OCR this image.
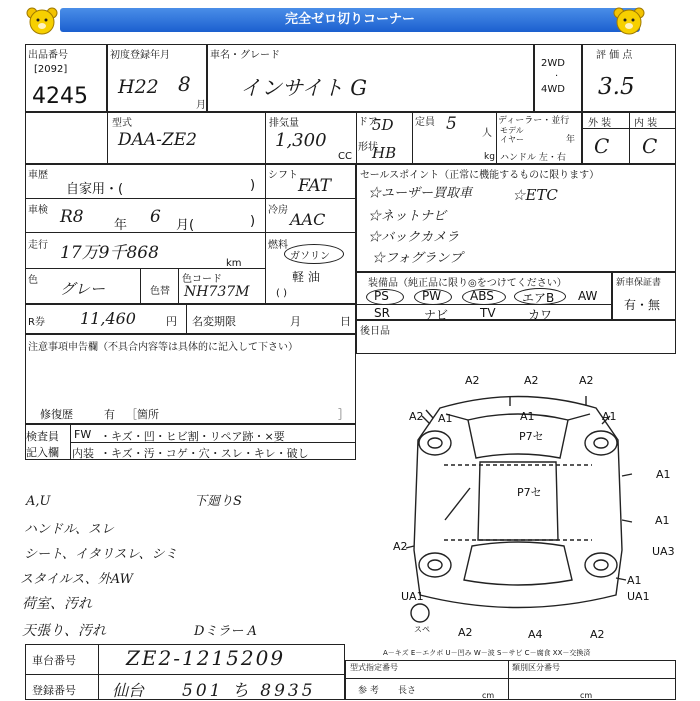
完全ゼロ切りコーナー
出品番号
[2092]
4245
初度登録年月
H22 8
月
車名・グレード
インサイト G
2WD
·
4WD
評 価 点
3.5
型式
DAA-ZE2
排気量
1,300
CC
ドア
5D
形状
HB
定員 5	人
kg
ディーラー・並行
モデル
イヤー	年
ハンドル 左・右
外 装 内 装
C C
車歴
自家用・(	)
シフト
FAT
車検 R8 年 6 月(	)
冷房 AAC
走行 17万9千868
km
燃料
ガソリン
軽 油
( )
色 グレー	色替
色コード
NH737M
R券 11,460	円 名変期限	月	日
セールスポイント（正常に機能するものに限ります）
☆ユーザー買取車	☆ETC
☆ネットナビ
☆バックカメラ
☆フォグランプ
装備品（純正品に限り◎をつけてください）	新車保証書
有・無
PS	PW ABS エアB AW
SR	ナビ	TV	カワ
後日品
注意事項申告欄（不具合内容等は具体的に記入して下さい）
修復歴	有 ［箇所	］
検査員
記入欄
FW
内装
・キズ・凹・ヒビ割・リペア跡・×要
・キズ・汚・コゲ・穴・スレ・キレ・破し
A,U
ハンドル、スレ
シート、イタリスレ、シミ
スタイルス、外AW
荷室、汚れ
天張り、汚れ
下廻りS
Dミラー A
車台番号	ZE2-1215209
登録番号 仙台 501 ち 8935
型式指定番号	類別区分番号
参 考 長さ	cm	cm
A2	A2	A2
A2	A1
A1
P7セ
A1
A1
P7セ
A2
A1
UA3
A1
UA1	UA1
A2	A4	A2
スペ
A－キズ E－エクボ U－凹み W－波 S－サビ C－腐食 XX－交換済
